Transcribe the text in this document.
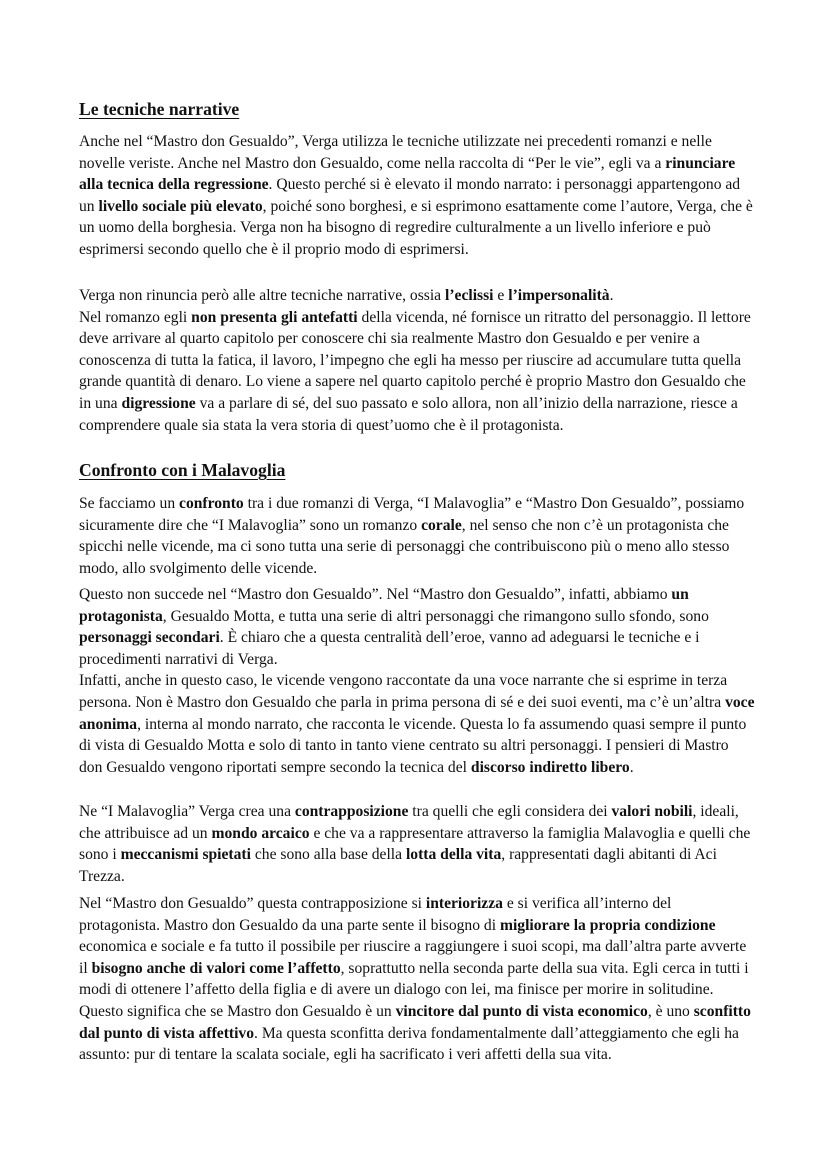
Le tecniche narrative

Anche nel “Mastro don Gesualdo”, Verga utilizza le tecniche utilizzate nei precedenti romanzi e nelle novelle veriste. Anche nel Mastro don Gesualdo, come nella raccolta di “Per le vie”, egli va a rinunciare alla tecnica della regressione. Questo perché si è elevato il mondo narrato: i personaggi appartengono ad un livello sociale più elevato, poiché sono borghesi, e si esprimono esattamente come l’autore, Verga, che è un uomo della borghesia. Verga non ha bisogno di regredire culturalmente a un livello inferiore e può esprimersi secondo quello che è il proprio modo di esprimersi.

Verga non rinuncia però alle altre tecniche narrative, ossia l’eclissi e l’impersonalità.
Nel romanzo egli non presenta gli antefatti della vicenda, né fornisce un ritratto del personaggio. Il lettore deve arrivare al quarto capitolo per conoscere chi sia realmente Mastro don Gesualdo e per venire a conoscenza di tutta la fatica, il lavoro, l’impegno che egli ha messo per riuscire ad accumulare tutta quella grande quantità di denaro. Lo viene a sapere nel quarto capitolo perché è proprio Mastro don Gesualdo che in una digressione va a parlare di sé, del suo passato e solo allora, non all’inizio della narrazione, riesce a comprendere quale sia stata la vera storia di quest’uomo che è il protagonista.

Confronto con i Malavoglia

Se facciamo un confronto tra i due romanzi di Verga, “I Malavoglia” e “Mastro Don Gesualdo”, possiamo sicuramente dire che “I Malavoglia” sono un romanzo corale, nel senso che non c’è un protagonista che spicchi nelle vicende, ma ci sono tutta una serie di personaggi che contribuiscono più o meno allo stesso modo, allo svolgimento delle vicende.

Questo non succede nel “Mastro don Gesualdo”. Nel “Mastro don Gesualdo”, infatti, abbiamo un protagonista, Gesualdo Motta, e tutta una serie di altri personaggi che rimangono sullo sfondo, sono personaggi secondari. È chiaro che a questa centralità dell’eroe, vanno ad adeguarsi le tecniche e i procedimenti narrativi di Verga.
Infatti, anche in questo caso, le vicende vengono raccontate da una voce narrante che si esprime in terza persona. Non è Mastro don Gesualdo che parla in prima persona di sé e dei suoi eventi, ma c’è un’altra voce anonima, interna al mondo narrato, che racconta le vicende. Questa lo fa assumendo quasi sempre il punto di vista di Gesualdo Motta e solo di tanto in tanto viene centrato su altri personaggi. I pensieri di Mastro don Gesualdo vengono riportati sempre secondo la tecnica del discorso indiretto libero.

Ne “I Malavoglia” Verga crea una contrapposizione tra quelli che egli considera dei valori nobili, ideali, che attribuisce ad un mondo arcaico e che va a rappresentare attraverso la famiglia Malavoglia e quelli che sono i meccanismi spietati che sono alla base della lotta della vita, rappresentati dagli abitanti di Aci Trezza.

Nel “Mastro don Gesualdo” questa contrapposizione si interiorizza e si verifica all’interno del protagonista. Mastro don Gesualdo da una parte sente il bisogno di migliorare la propria condizione economica e sociale e fa tutto il possibile per riuscire a raggiungere i suoi scopi, ma dall’altra parte avverte il bisogno anche di valori come l’affetto, soprattutto nella seconda parte della sua vita. Egli cerca in tutti i modi di ottenere l’affetto della figlia e di avere un dialogo con lei, ma finisce per morire in solitudine. Questo significa che se Mastro don Gesualdo è un vincitore dal punto di vista economico, è uno sconfitto dal punto di vista affettivo. Ma questa sconfitta deriva fondamentalmente dall’atteggiamento che egli ha assunto: pur di tentare la scalata sociale, egli ha sacrificato i veri affetti della sua vita.
